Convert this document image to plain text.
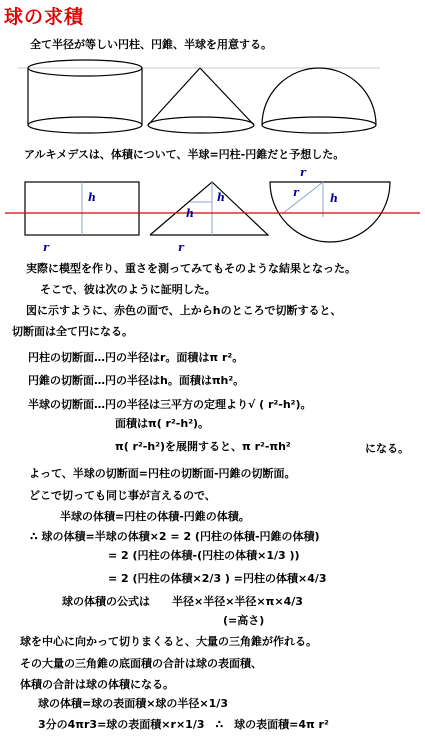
球の求積
全て半径が等しい円柱、円錐、半球を用意する。
アルキメデスは、体積について、半球=円柱-円錐だと予想した。
h
r
h
h
r
r
r	h
実際に模型を作り、重さを測ってみてもそのような結果となった。
そこで、彼は次のように証明した。
図に示すように、赤色の面で、上からhのところで切断すると、
切断面は全て円になる。
円柱の切断面…円の半径はr。面積はπ r²。
円錐の切断面…円の半径はh。面積はπh²。
半球の切断面…円の半径は三平方の定理より√ ( r²-h²)。
面積はπ( r²-h²)。
π( r²-h²)を展開すると、π r²-πh²	になる。
よって、半球の切断面=円柱の切断面-円錐の切断面。
どこで切っても同じ事が言えるので、
半球の体積=円柱の体積-円錐の体積。
∴ 球の体積=半球の体積×2 = 2 (円柱の体積-円錐の体積)
= 2 (円柱の体積-(円柱の体積×1/3 ))
= 2 (円柱の体積×2/3 ) =円柱の体積×4/3
球の体積の公式は　　半径×半径×半径×π×4/3
(=高さ)
球を中心に向かって切りまくると、大量の三角錐が作れる。
その大量の三角錐の底面積の合計は球の表面積、
体積の合計は球の体積になる。
球の体積=球の表面積×球の半径×1/3
3分の4πr3=球の表面積×r×1/3　∴　球の表面積=4π r²
